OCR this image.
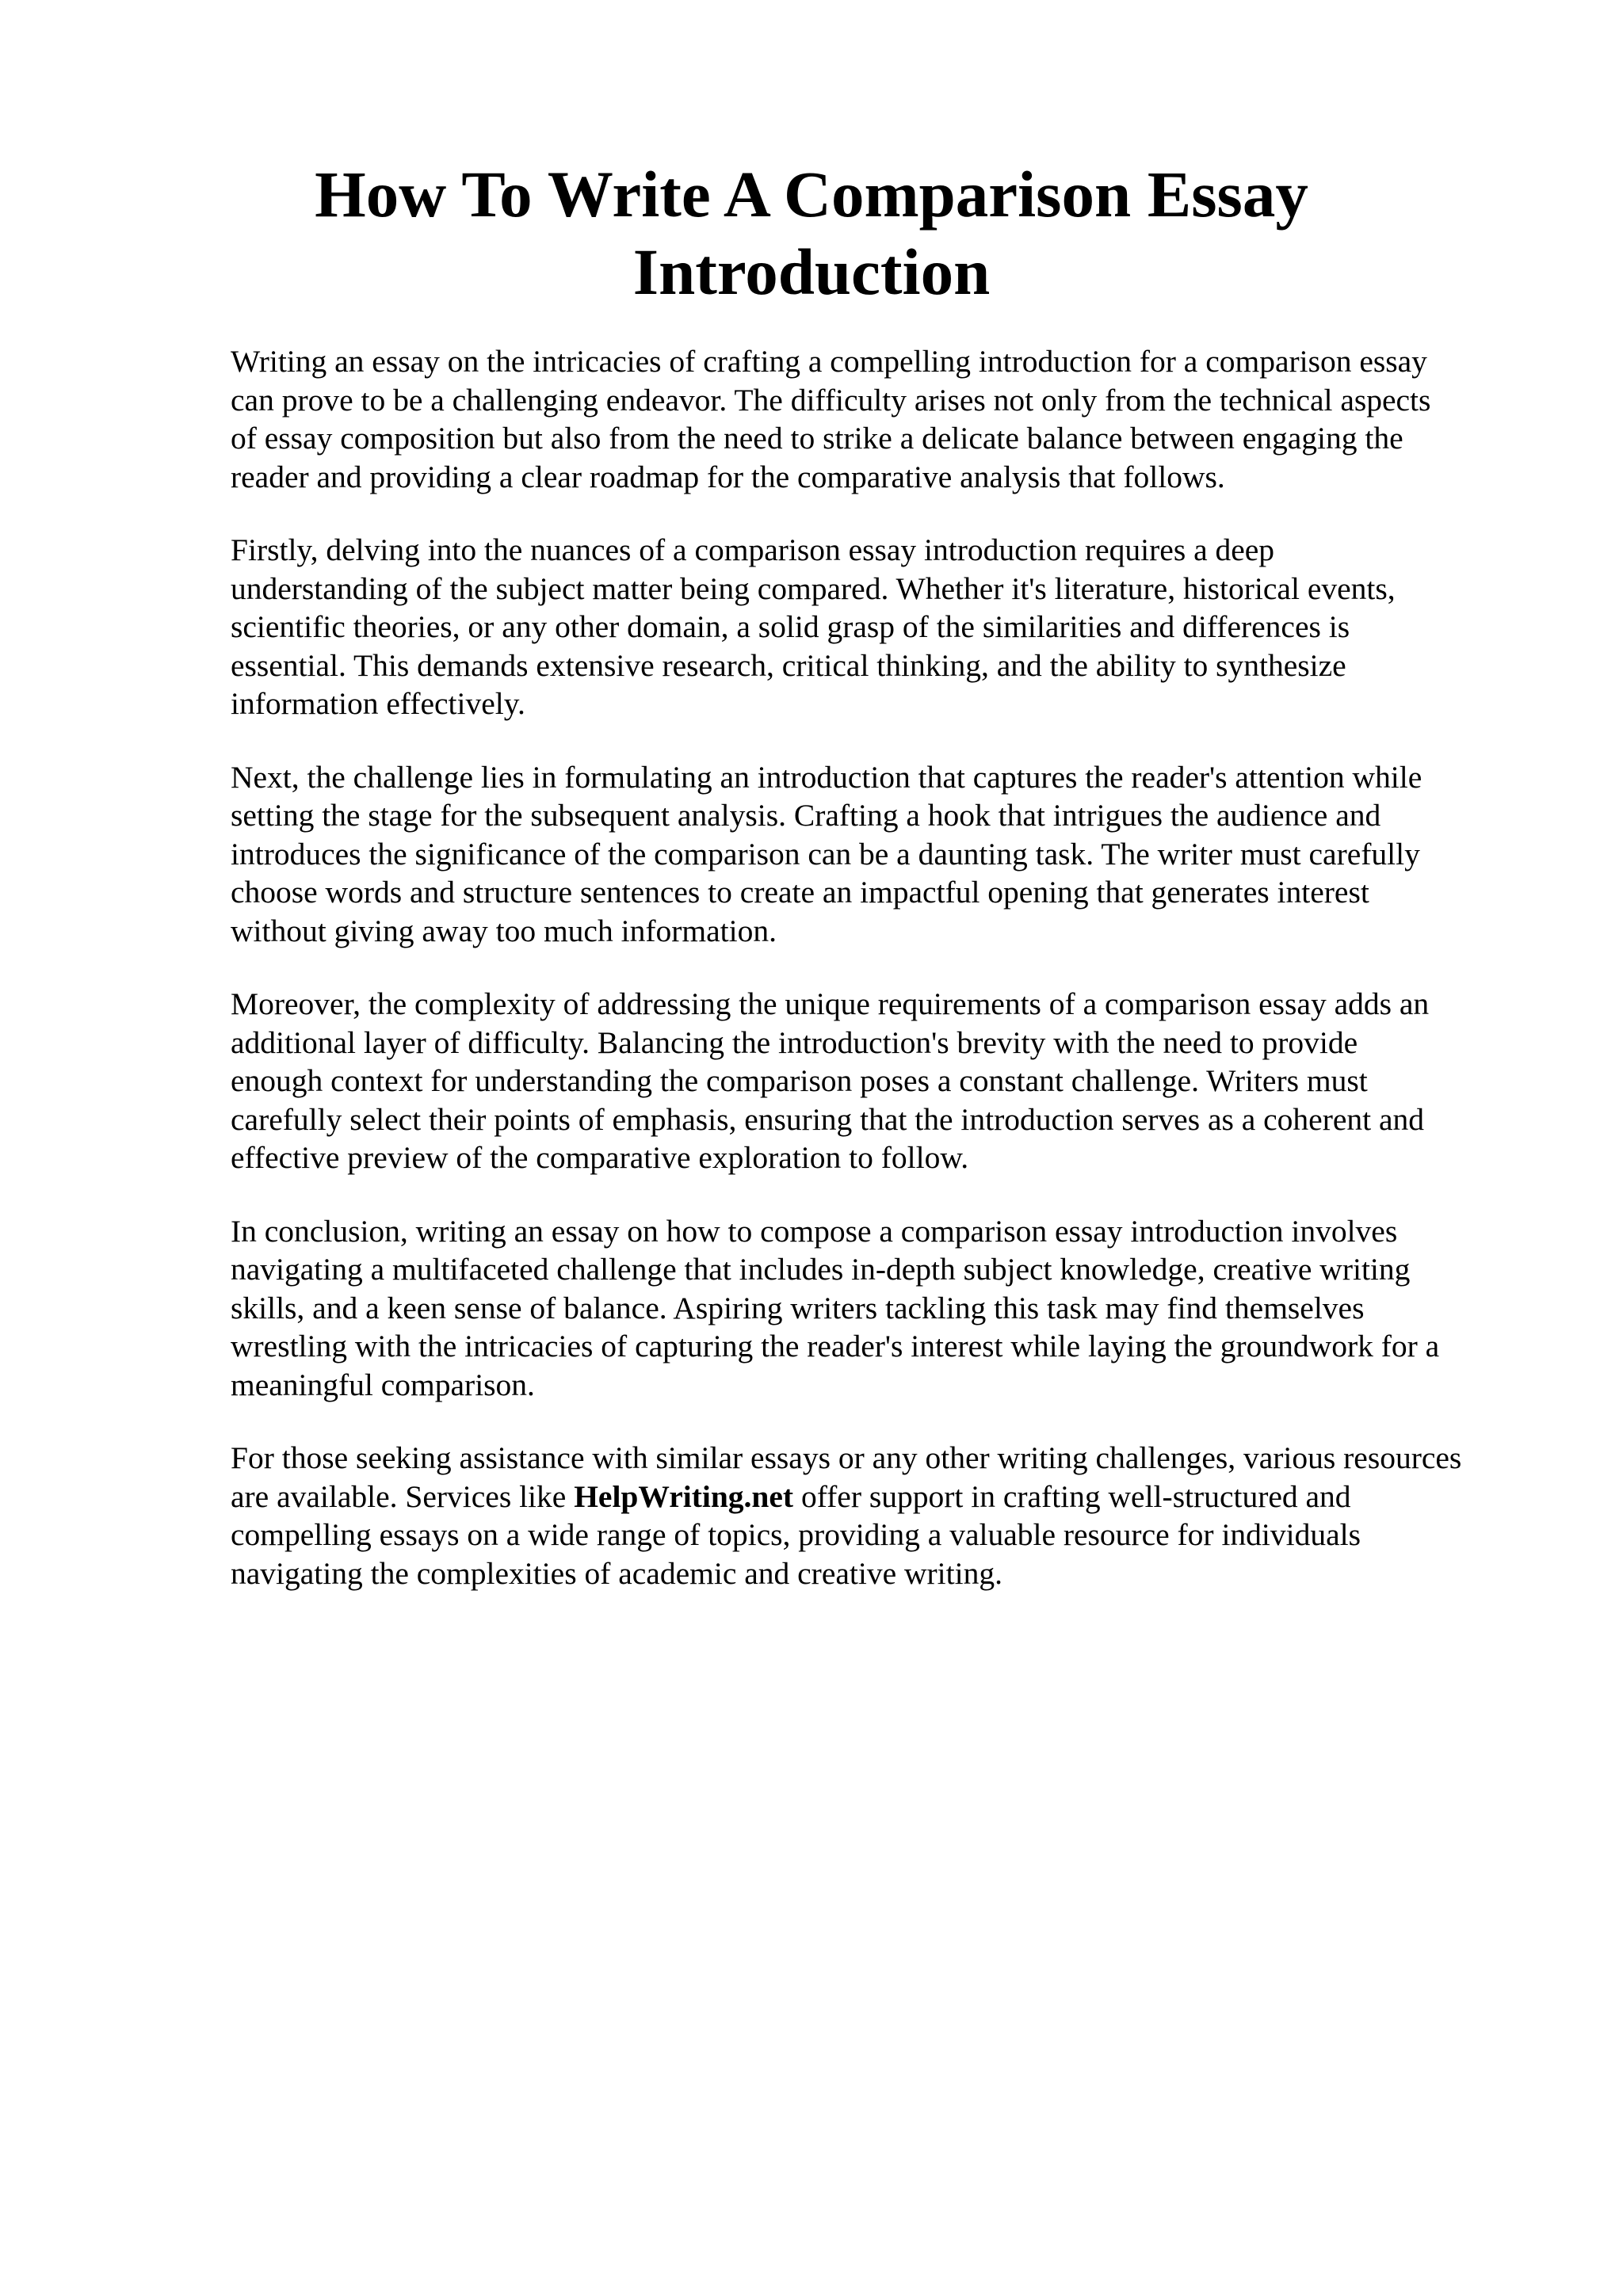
How To Write A Comparison Essay
Introduction

Writing an essay on the intricacies of crafting a compelling introduction for a comparison essay
can prove to be a challenging endeavor. The difficulty arises not only from the technical aspects
of essay composition but also from the need to strike a delicate balance between engaging the
reader and providing a clear roadmap for the comparative analysis that follows.

Firstly, delving into the nuances of a comparison essay introduction requires a deep
understanding of the subject matter being compared. Whether it's literature, historical events,
scientific theories, or any other domain, a solid grasp of the similarities and differences is
essential. This demands extensive research, critical thinking, and the ability to synthesize
information effectively.

Next, the challenge lies in formulating an introduction that captures the reader's attention while
setting the stage for the subsequent analysis. Crafting a hook that intrigues the audience and
introduces the significance of the comparison can be a daunting task. The writer must carefully
choose words and structure sentences to create an impactful opening that generates interest
without giving away too much information.

Moreover, the complexity of addressing the unique requirements of a comparison essay adds an
additional layer of difficulty. Balancing the introduction's brevity with the need to provide
enough context for understanding the comparison poses a constant challenge. Writers must
carefully select their points of emphasis, ensuring that the introduction serves as a coherent and
effective preview of the comparative exploration to follow.

In conclusion, writing an essay on how to compose a comparison essay introduction involves
navigating a multifaceted challenge that includes in-depth subject knowledge, creative writing
skills, and a keen sense of balance. Aspiring writers tackling this task may find themselves
wrestling with the intricacies of capturing the reader's interest while laying the groundwork for a
meaningful comparison.

For those seeking assistance with similar essays or any other writing challenges, various resources
are available. Services like HelpWriting.net offer support in crafting well-structured and
compelling essays on a wide range of topics, providing a valuable resource for individuals
navigating the complexities of academic and creative writing.
